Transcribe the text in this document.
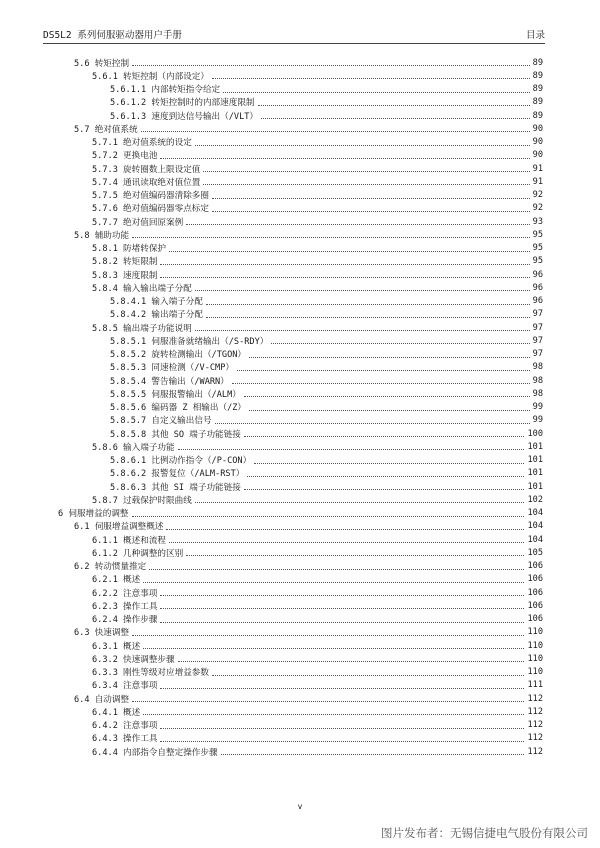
DS5L2 系列伺服驱动器用户手册	目录
5.6 转矩控制	89
5.6.1 转矩控制（内部设定）	89
5.6.1.1 内部转矩指令给定	89
5.6.1.2 转矩控制时的内部速度限制	89
5.6.1.3 速度到达信号输出（/VLT）	89
5.7 绝对值系统	90
5.7.1 绝对值系统的设定	90
5.7.2 更换电池	90
5.7.3 旋转圈数上限设定值	91
5.7.4 通讯读取绝对值位置	91
5.7.5 绝对值编码器清除多圈	92
5.7.6 绝对值编码器零点标定	92
5.7.7 绝对值回原案例	93
5.8 辅助功能	95
5.8.1 防堵转保护	95
5.8.2 转矩限制	95
5.8.3 速度限制	96
5.8.4 输入输出端子分配	96
5.8.4.1 输入端子分配	96
5.8.4.2 输出端子分配	97
5.8.5 输出端子功能说明	97
5.8.5.1 伺服准备就绪输出（/S-RDY）	97
5.8.5.2 旋转检测输出（/TGON）	97
5.8.5.3 同速检测（/V-CMP）	98
5.8.5.4 警告输出（/WARN）	98
5.8.5.5 伺服报警输出（/ALM）	98
5.8.5.6 编码器 Z 相输出（/Z）	99
5.8.5.7 自定义输出信号	99
5.8.5.8 其他 SO 端子功能链接	100
5.8.6 输入端子功能	101
5.8.6.1 比例动作指令（/P-CON）	101
5.8.6.2 报警复位（/ALM-RST）	101
5.8.6.3 其他 SI 端子功能链接	101
5.8.7 过载保护时限曲线	102
6 伺服增益的调整	104
6.1 伺服增益调整概述	104
6.1.1 概述和流程	104
6.1.2 几种调整的区别	105
6.2 转动惯量推定	106
6.2.1 概述	106
6.2.2 注意事项	106
6.2.3 操作工具	106
6.2.4 操作步骤	106
6.3 快速调整	110
6.3.1 概述	110
6.3.2 快速调整步骤	110
6.3.3 刚性等级对应增益参数	110
6.3.4 注意事项	111
6.4 自动调整	112
6.4.1 概述	112
6.4.2 注意事项	112
6.4.3 操作工具	112
6.4.4 内部指令自整定操作步骤	112
v
图片发布者：无锡信捷电气股份有限公司
